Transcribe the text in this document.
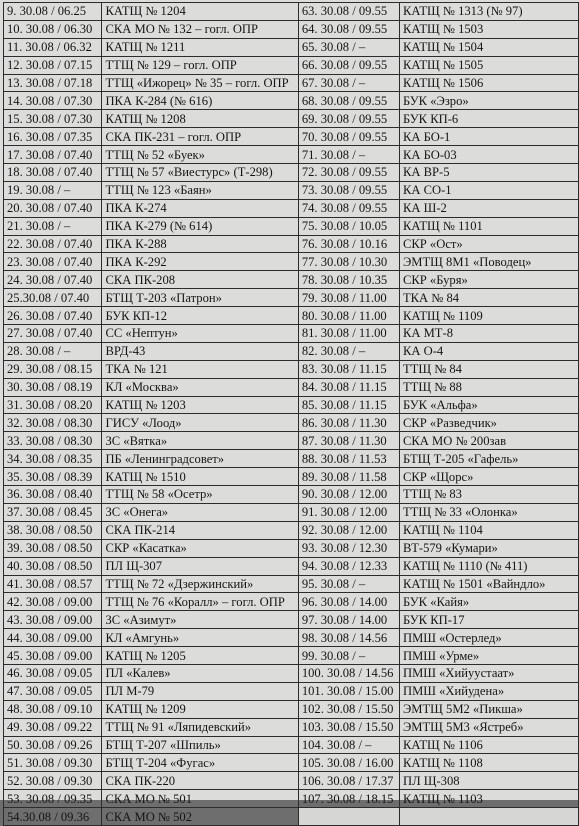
9. 30.08 / 06.25	КАТЩ № 1204	63. 30.08 / 09.55	КАТЩ № 1313 (№ 97)
10. 30.08 / 06.30	СКА МО № 132 – гогл. ОПР	64. 30.08 / 09.55	КАТЩ № 1503
11. 30.08 / 06.32	КАТЩ № 1211	65. 30.08 / –	КАТЩ № 1504
12. 30.08 / 07.15	ТТЩ № 129 – гогл. ОПР	66. 30.08 / 09.55	КАТЩ № 1505
13. 30.08 / 07.18	ТТЩ «Ижорец» № 35 – гогл. ОПР	67. 30.08 / –	КАТЩ № 1506
14. 30.08 / 07.30	ПКА К-284 (№ 616)	68. 30.08 / 09.55	БУК «Эзро»
15. 30.08 / 07.30	КАТЩ № 1208	69. 30.08 / 09.55	БУК КП-6
16. 30.08 / 07.35	СКА ПК-231 – гогл. ОПР	70. 30.08 / 09.55	КА БО-1
17. 30.08 / 07.40	ТТЩ № 52 «Буек»	71. 30.08 / –	КА БО-03
18. 30.08 / 07.40	ТТЩ № 57 «Виестурс» (Т-298)	72. 30.08 / 09.55	КА ВР-5
19. 30.08 / –	ТТЩ № 123 «Баян»	73. 30.08 / 09.55	КА СО-1
20. 30.08 / 07.40	ПКА К-274	74. 30.08 / 09.55	КА Ш-2
21. 30.08 / –	ПКА К-279 (№ 614)	75. 30.08 / 10.05	КАТЩ № 1101
22. 30.08 / 07.40	ПКА К-288	76. 30.08 / 10.16	СКР «Ост»
23. 30.08 / 07.40	ПКА К-292	77. 30.08 / 10.30	ЭМТЩ 8М1 «Поводец»
24. 30.08 / 07.40	СКА ПК-208	78. 30.08 / 10.35	СКР «Буря»
25.30.08 / 07.40	БТЩ Т-203 «Патрон»	79. 30.08 / 11.00	ТКА № 84
26. 30.08 / 07.40	БУК КП-12	80. 30.08 / 11.00	КАТЩ № 1109
27. 30.08 / 07.40	СС «Нептун»	81. 30.08 / 11.00	КА МТ-8
28. 30.08 / –	ВРД-43	82. 30.08 / –	КА О-4
29. 30.08 / 08.15	ТКА № 121	83. 30.08 / 11.15	ТТЩ № 84
30. 30.08 / 08.19	КЛ «Москва»	84. 30.08 / 11.15	ТТЩ № 88
31. 30.08 / 08.20	КАТЩ № 1203	85. 30.08 / 11.15	БУК «Альфа»
32. 30.08 / 08.30	ГИСУ «Лоод»	86. 30.08 / 11.30	СКР «Разведчик»
33. 30.08 / 08.30	ЗС «Вятка»	87. 30.08 / 11.30	СКА МО № 200зав
34. 30.08 / 08.35	ПБ «Ленинградсовет»	88. 30.08 / 11.53	БТЩ Т-205 «Гафель»
35. 30.08 / 08.39	КАТЩ № 1510	89. 30.08 / 11.58	СКР «Щорс»
36. 30.08 / 08.40	ТТЩ № 58 «Осетр»	90. 30.08 / 12.00	ТТЩ № 83
37. 30.08 / 08.45	ЗС «Онега»	91. 30.08 / 12.00	ТТЩ № 33 «Олонка»
38. 30.08 / 08.50	СКА ПК-214	92. 30.08 / 12.00	КАТЩ № 1104
39. 30.08 / 08.50	СКР «Касатка»	93. 30.08 / 12.30	ВТ-579 «Кумари»
40. 30.08 / 08.50	ПЛ Щ-307	94. 30.08 / 12.33	КАТЩ № 1110 (№ 411)
41. 30.08 / 08.57	ТТЩ № 72 «Дзержинский»	95. 30.08 / –	КАТЩ № 1501 «Вайндло»
42. 30.08 / 09.00	ТТЩ № 76 «Коралл» – гогл. ОПР	96. 30.08 / 14.00	БУК «Кайя»
43. 30.08 / 09.00	ЗС «Азимут»	97. 30.08 / 14.00	БУК КП-17
44. 30.08 / 09.00	КЛ «Амгунь»	98. 30.08 / 14.56	ПМШ «Остерлед»
45. 30.08 / 09.00	КАТЩ № 1205	99. 30.08 / –	ПМШ «Урме»
46. 30.08 / 09.05	ПЛ «Калев»	100. 30.08 / 14.56	ПМШ «Хийуустаат»
47. 30.08 / 09.05	ПЛ М-79	101. 30.08 / 15.00	ПМШ «Хийудена»
48. 30.08 / 09.10	КАТЩ № 1209	102. 30.08 / 15.50	ЭМТЩ 5М2 «Пикша»
49. 30.08 / 09.22	ТТЩ № 91 «Ляпидевский»	103. 30.08 / 15.50	ЭМТЩ 5М3 «Ястреб»
50. 30.08 / 09.26	БТЩ Т-207 «Шпиль»	104. 30.08 / –	КАТЩ № 1106
51. 30.08 / 09.30	БТЩ Т-204 «Фугас»	105. 30.08 / 16.00	КАТЩ № 1108
52. 30.08 / 09.30	СКА ПК-220	106. 30.08 / 17.37	ПЛ Щ-308
53. 30.08 / 09.35	СКА МО № 501	107. 30.08 / 18.15	КАТЩ № 1103
54.30.08 / 09.36	СКА МО № 502		
